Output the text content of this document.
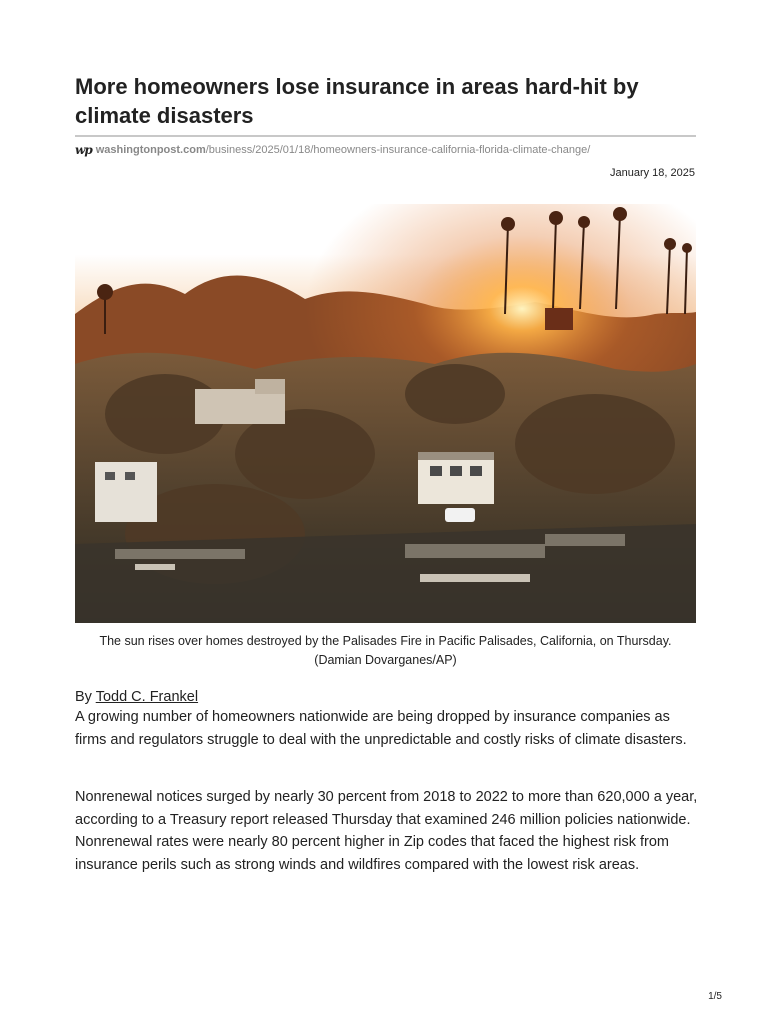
More homeowners lose insurance in areas hard-hit by climate disasters
wp washingtonpost.com /business/2025/01/18/homeowners-insurance-california-florida-climate-change/
January 18, 2025
The sun rises over homes destroyed by the Palisades Fire in Pacific Palisades, California, on Thursday.
(Damian Dovarganes/AP)
By Todd C. Frankel

A growing number of homeowners nationwide are being dropped by insurance companies as firms and regulators struggle to deal with the unpredictable and costly risks of climate disasters.

Nonrenewal notices surged by nearly 30 percent from 2018 to 2022 to more than 620,000 a year, according to a Treasury report released Thursday that examined 246 million policies nationwide. Nonrenewal rates were nearly 80 percent higher in Zip codes that faced the highest risk from insurance perils such as strong winds and wildfires compared with the lowest risk areas.

1/5
